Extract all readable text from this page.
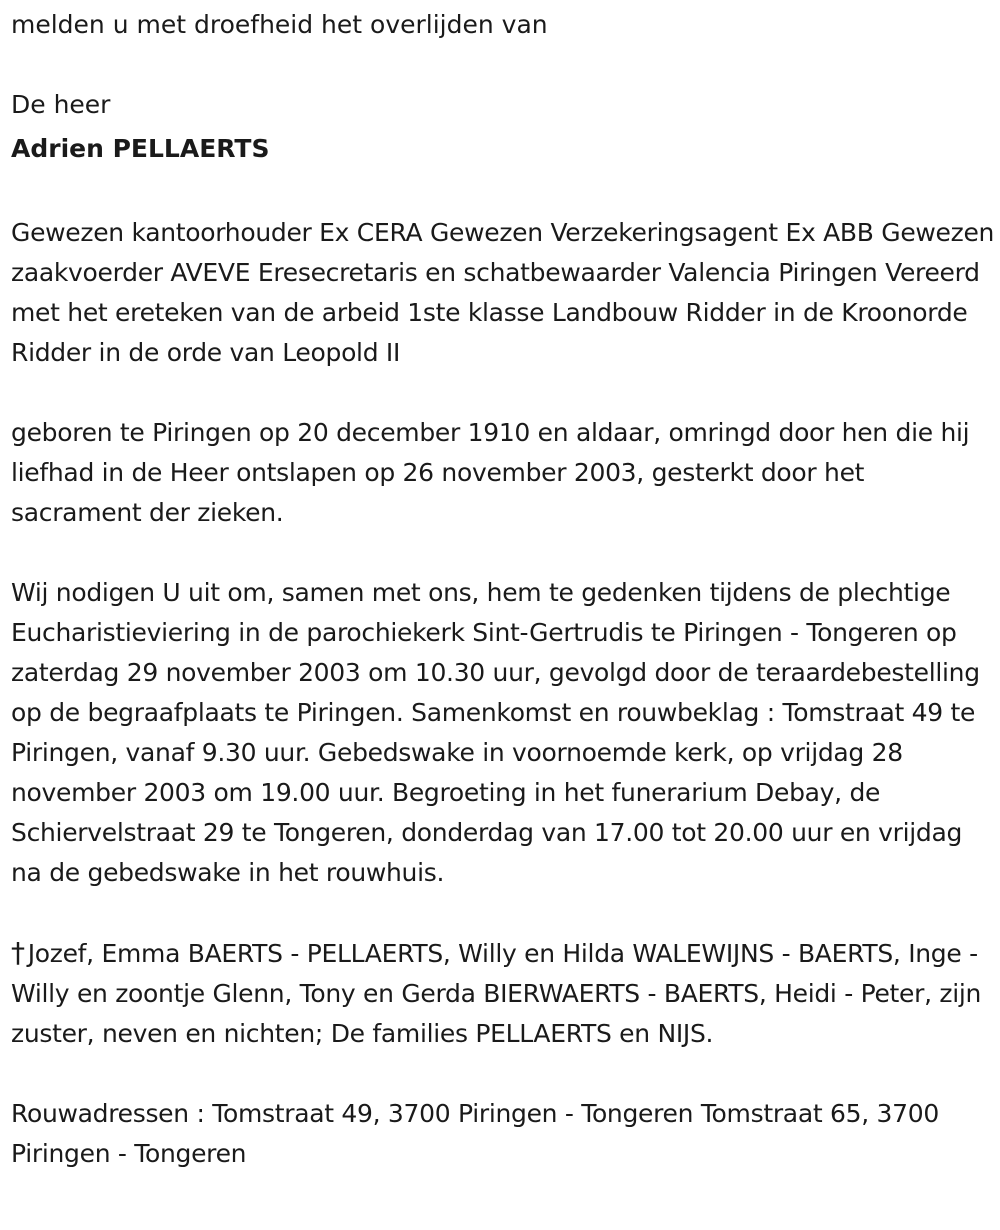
melden u met droefheid het overlijden van
De heer
Adrien PELLAERTS
Gewezen kantoorhouder Ex CERA Gewezen Verzekeringsagent Ex ABB Gewezen zaakvoerder AVEVE Eresecretaris en schatbewaarder Valencia Piringen Vereerd met het ereteken van de arbeid 1ste klasse Landbouw Ridder in de Kroonorde Ridder in de orde van Leopold II
geboren te Piringen op 20 december 1910 en aldaar, omringd door hen die hij liefhad in de Heer ontslapen op 26 november 2003, gesterkt door het sacrament der zieken.
Wij nodigen U uit om, samen met ons, hem te gedenken tijdens de plechtige Eucharistieviering in de parochiekerk Sint-Gertrudis te Piringen - Tongeren op zaterdag 29 november 2003 om 10.30 uur, gevolgd door de teraardebestelling op de begraafplaats te Piringen. Samenkomst en rouwbeklag : Tomstraat 49 te Piringen, vanaf 9.30 uur. Gebedswake in voornoemde kerk, op vrijdag 28 november 2003 om 19.00 uur. Begroeting in het funerarium Debay, de Schiervelstraat 29 te Tongeren, donderdag van 17.00 tot 20.00 uur en vrijdag na de gebedswake in het rouwhuis.
† Jozef, Emma BAERTS - PELLAERTS, Willy en Hilda WALEWIJNS - BAERTS, Inge - Willy en zoontje Glenn, Tony en Gerda BIERWAERTS - BAERTS, Heidi - Peter, zijn zuster, neven en nichten; De families PELLAERTS en NIJS.
Rouwadressen : Tomstraat 49, 3700 Piringen - Tongeren Tomstraat 65, 3700 Piringen - Tongeren
